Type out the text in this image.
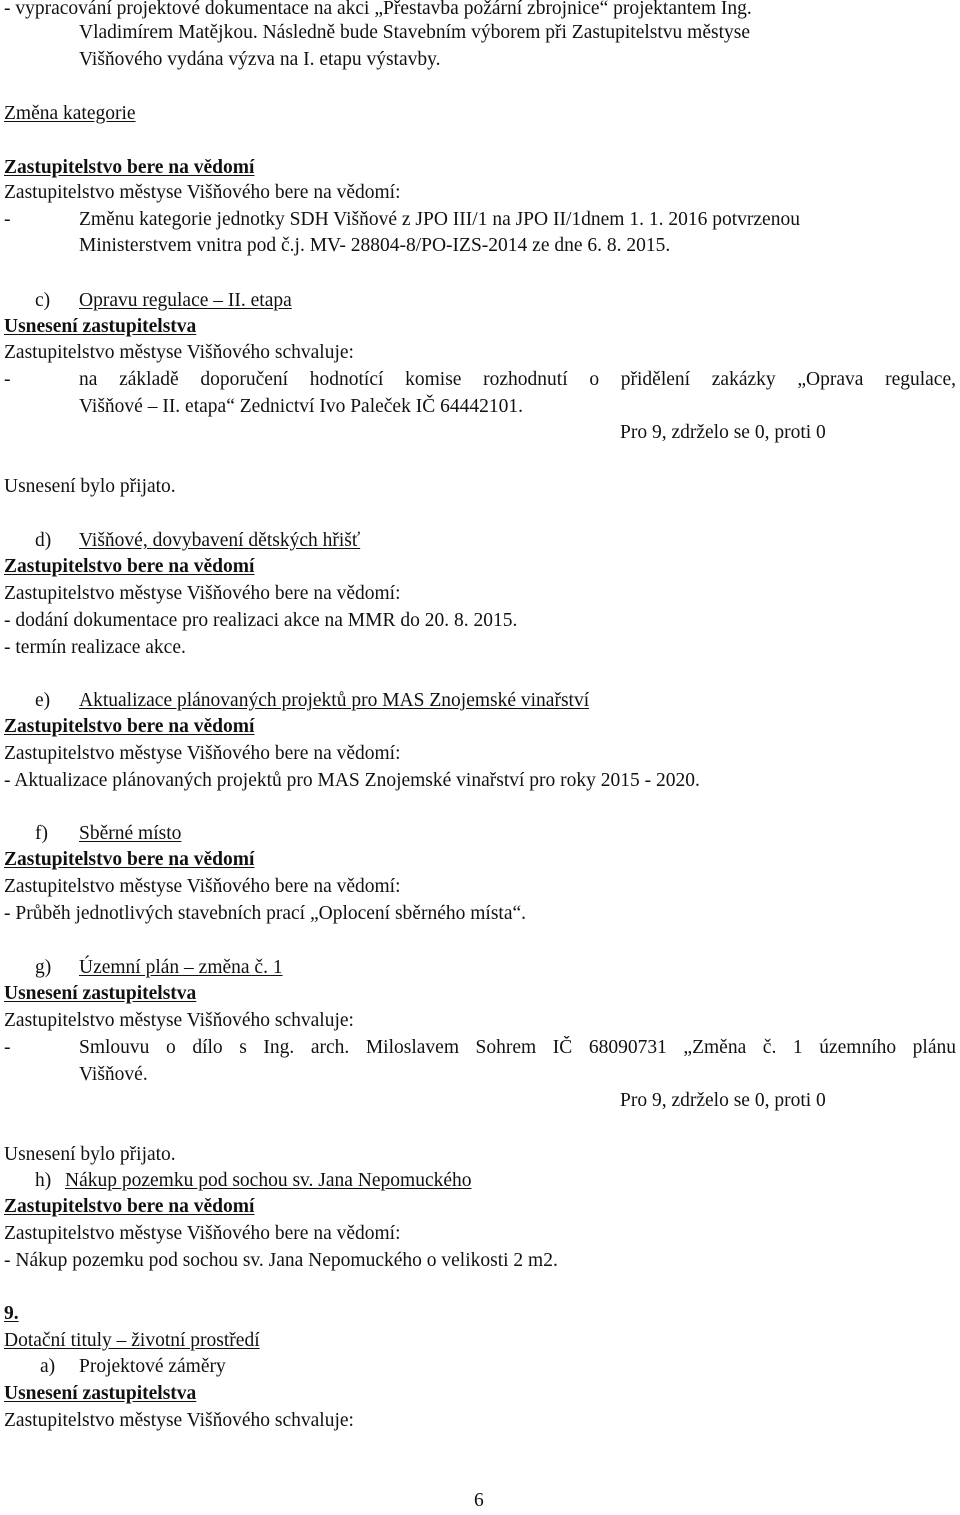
- vypracování projektové dokumentace na akci „Přestavba požární zbrojnice“ projektantem Ing.
Vladimírem Matějkou. Následně bude Stavebním výborem při Zastupitelstvu městyse
Višňového vydána výzva na I. etapu výstavby.
Změna kategorie
Zastupitelstvo bere na vědomí
Zastupitelstvo městyse Višňového bere na vědomí:
-	Změnu kategorie jednotky SDH Višňové z JPO III/1 na JPO II/1dnem 1. 1. 2016 potvrzenou
Ministerstvem vnitra pod č.j. MV- 28804-8/PO-IZS-2014 ze dne 6. 8. 2015.
c) Opravu regulace – II. etapa
Usnesení zastupitelstva
Zastupitelstvo městyse Višňového schvaluje:
-	na základě doporučení hodnotící komise rozhodnutí o přidělení zakázky „Oprava regulace,
Višňové – II. etapa“ Zednictví Ivo Paleček IČ 64442101.
Pro 9, zdrželo se 0, proti 0
Usnesení bylo přijato.
d) Višňové, dovybavení dětských hřišť
Zastupitelstvo bere na vědomí
Zastupitelstvo městyse Višňového bere na vědomí:
- dodání dokumentace pro realizaci akce na MMR do 20. 8. 2015.
- termín realizace akce.
e) Aktualizace plánovaných projektů pro MAS Znojemské vinařství
Zastupitelstvo bere na vědomí
Zastupitelstvo městyse Višňového bere na vědomí:
- Aktualizace plánovaných projektů pro MAS Znojemské vinařství pro roky 2015 - 2020.
f) Sběrné místo
Zastupitelstvo bere na vědomí
Zastupitelstvo městyse Višňového bere na vědomí:
- Průběh jednotlivých stavebních prací „Oplocení sběrného místa“.
g) Územní plán – změna č. 1
Usnesení zastupitelstva
Zastupitelstvo městyse Višňového schvaluje:
-	Smlouvu o dílo s Ing. arch. Miloslavem Sohrem IČ 68090731 „Změna č. 1 územního plánu
Višňové.
Pro 9, zdrželo se 0, proti 0
Usnesení bylo přijato.
h) Nákup pozemku pod sochou sv. Jana Nepomuckého
Zastupitelstvo bere na vědomí
Zastupitelstvo městyse Višňového bere na vědomí:
- Nákup pozemku pod sochou sv. Jana Nepomuckého o velikosti 2 m2.
9.
Dotační tituly – životní prostředí
a) Projektové záměry
Usnesení zastupitelstva
Zastupitelstvo městyse Višňového schvaluje:
6
